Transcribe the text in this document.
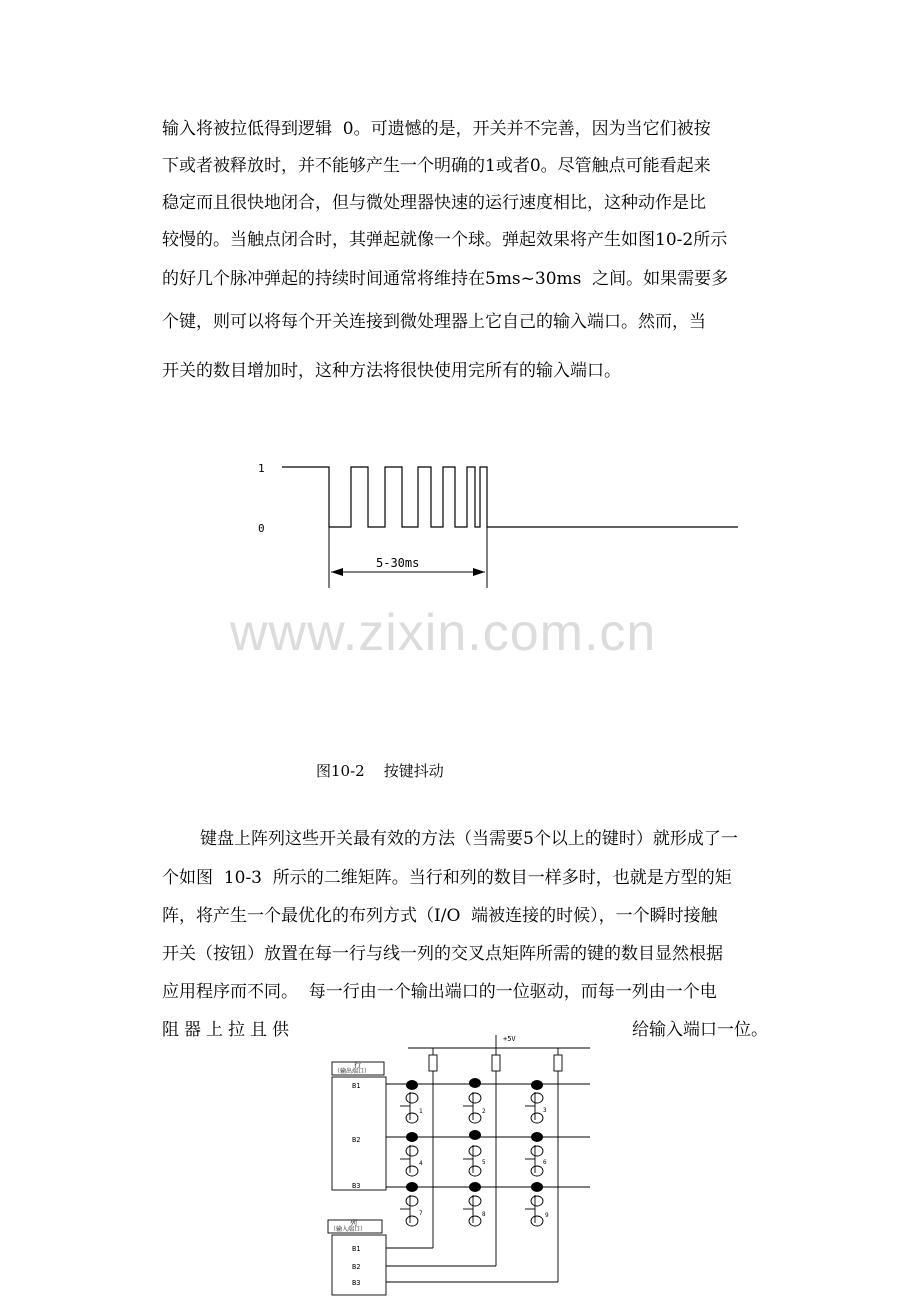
输入将被拉低得到逻辑  0。可遗憾的是，开关并不完善，因为当它们被按
下或者被释放时，并不能够产生一个明确的1或者0。尽管触点可能看起来
稳定而且很快地闭合，但与微处理器快速的运行速度相比，这种动作是比
较慢的。当触点闭合时，其弹起就像一个球。弹起效果将产生如图10-2所示
的好几个脉冲弹起的持续时间通常将维持在5ms~30ms  之间。如果需要多
个键，则可以将每个开关连接到微处理器上它自己的输入端口。然而，当
开关的数目增加时，这种方法将很快使用完所有的输入端口。
1
0
5-30ms
www.zixin.com.cn
图10-2    按键抖动
键盘上阵列这些开关最有效的方法（当需要5个以上的键时）就形成了一
个如图  10-3  所示的二维矩阵。当行和列的数目一样多时，也就是方型的矩
阵，将产生一个最优化的布列方式（I/O  端被连接的时候），一个瞬时接触
开关（按钮）放置在每一行与线一列的交叉点矩阵所需的键的数目显然根据
应用程序而不同。  每一行由一个输出端口的一位驱动，而每一列由一个电
阻器上拉且供	给输入端口一位。
+5V
行
（输出端口）
B1
B2
B3
列
（输入端口）
B1
B2
B3
1	2	3
4	5	6
7	8	9
